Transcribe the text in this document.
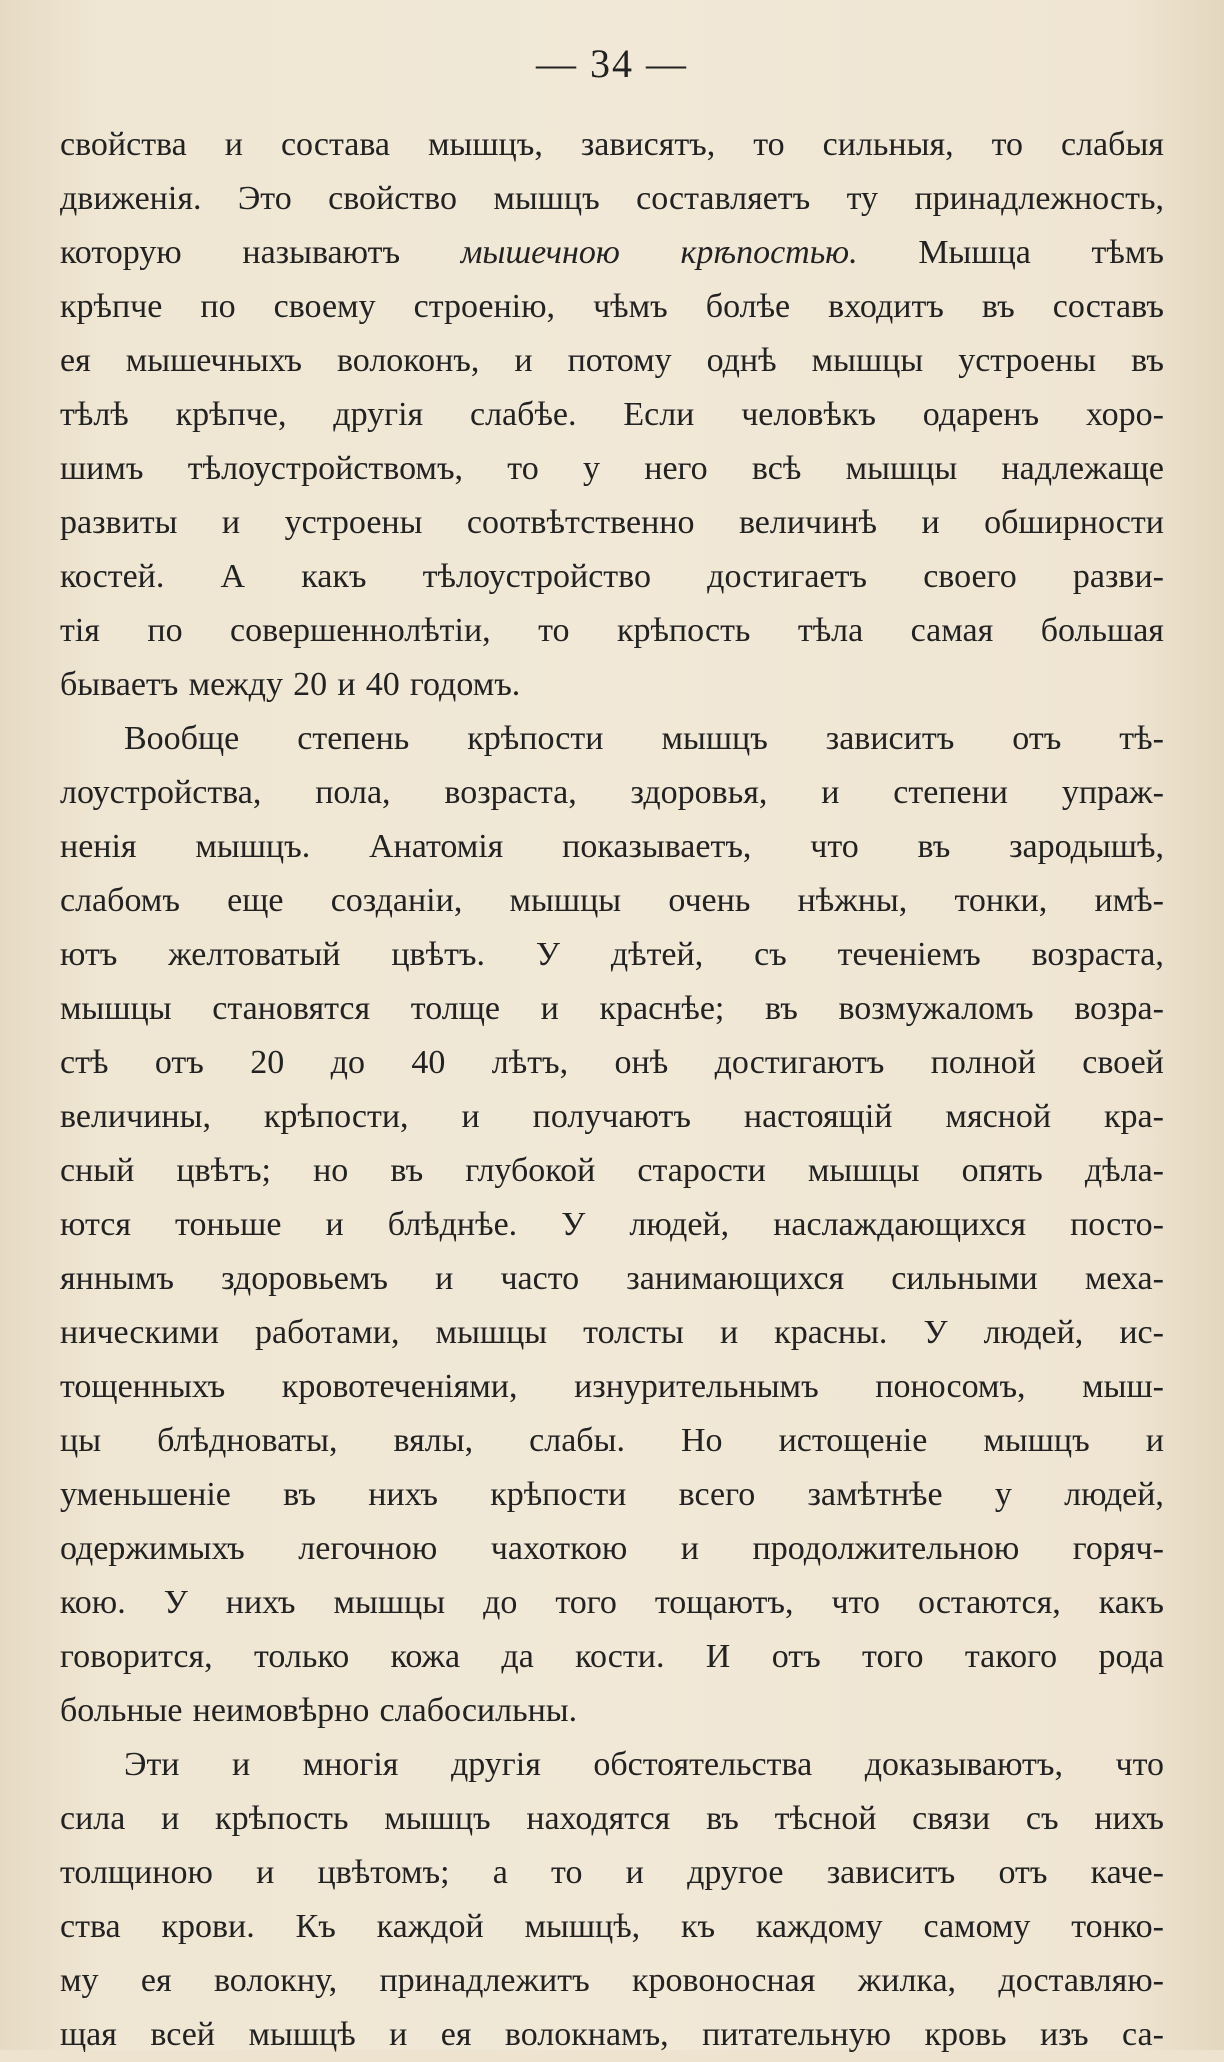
— 34 —
свойства и состава мышцъ, зависятъ, то сильныя, то слабыя
движенія. Это свойство мышцъ составляетъ ту принадлежность,
которую называютъ мышечною крѣпостью. Мышца тѣмъ
крѣпче по своему строенію, чѣмъ болѣе входитъ въ составъ
ея мышечныхъ волоконъ, и потому однѣ мышцы устроены въ
тѣлѣ крѣпче, другія слабѣе. Если человѣкъ одаренъ хоро-
шимъ тѣлоустройствомъ, то у него всѣ мышцы надлежаще
развиты и устроены соотвѣтственно величинѣ и обширности
костей. А какъ тѣлоустройство достигаетъ своего разви-
тія по совершеннолѣтіи, то крѣпость тѣла самая большая
бываетъ между 20 и 40 годомъ.
Вообще степень крѣпости мышцъ зависитъ отъ тѣ-
лоустройства, пола, возраста, здоровья, и степени упраж-
ненія мышцъ. Анатомія показываетъ, что въ зародышѣ,
слабомъ еще созданіи, мышцы очень нѣжны, тонки, имѣ-
ютъ желтоватый цвѣтъ. У дѣтей, съ теченіемъ возраста,
мышцы становятся толще и краснѣе; въ возмужаломъ возра-
стѣ отъ 20 до 40 лѣтъ, онѣ достигаютъ полной своей
величины, крѣпости, и получаютъ настоящій мясной кра-
сный цвѣтъ; но въ глубокой старости мышцы опять дѣла-
ются тоньше и блѣднѣе. У людей, наслаждающихся посто-
яннымъ здоровьемъ и часто занимающихся сильными меха-
ническими работами, мышцы толсты и красны. У людей, ис-
тощенныхъ кровотеченіями, изнурительнымъ поносомъ, мыш-
цы блѣдноваты, вялы, слабы. Но истощеніе мышцъ и
уменьшеніе въ нихъ крѣпости всего замѣтнѣе у людей,
одержимыхъ легочною чахоткою и продолжительною горяч-
кою. У нихъ мышцы до того тощаютъ, что остаются, какъ
говорится, только кожа да кости. И отъ того такого рода
больные неимовѣрно слабосильны.
Эти и многія другія обстоятельства доказываютъ, что
сила и крѣпость мышцъ находятся въ тѣсной связи съ нихъ
толщиною и цвѣтомъ; а то и другое зависитъ отъ каче-
ства крови. Къ каждой мышцѣ, къ каждому самому тонко-
му ея волокну, принадлежитъ кровоносная жилка, доставляю-
щая всей мышцѣ и ея волокнамъ, питательную кровь изъ са-
